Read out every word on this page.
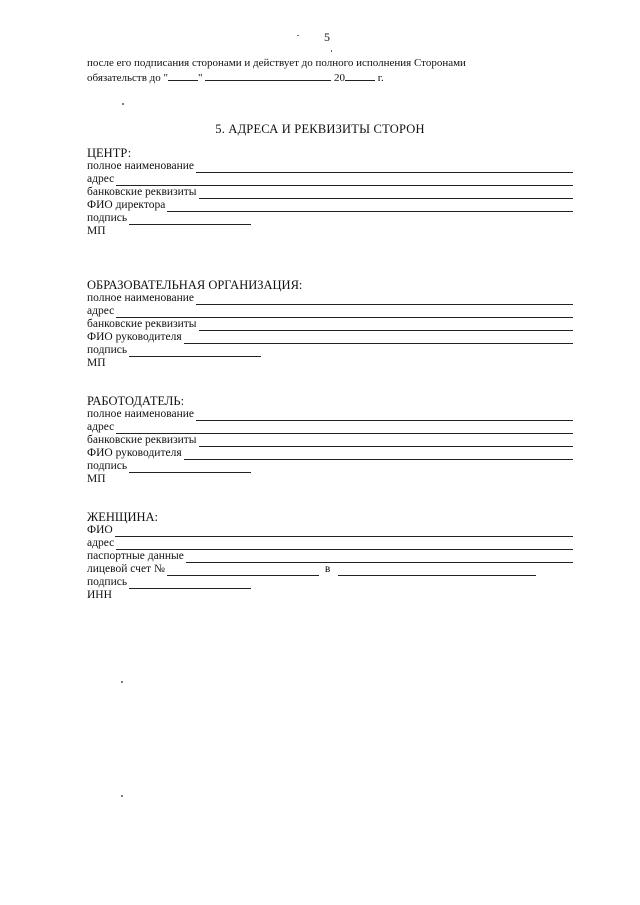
5
после его подписания сторонами и действует до полного исполнения Сторонами
обязательств до "	"	20	г.
5. АДРЕСА И РЕКВИЗИТЫ СТОРОН
ЦЕНТР:
полное наименование
адрес
банковские реквизиты
ФИО директора
подпись
МП
ОБРАЗОВАТЕЛЬНАЯ ОРГАНИЗАЦИЯ:
полное наименование
адрес
банковские реквизиты
ФИО руководителя
подпись
МП
РАБОТОДАТЕЛЬ:
полное наименование
адрес
банковские реквизиты
ФИО руководителя
подпись
МП
ЖЕНЩИНА:
ФИО
адрес
паспортные данные
лицевой счет №	в
подпись
ИНН
